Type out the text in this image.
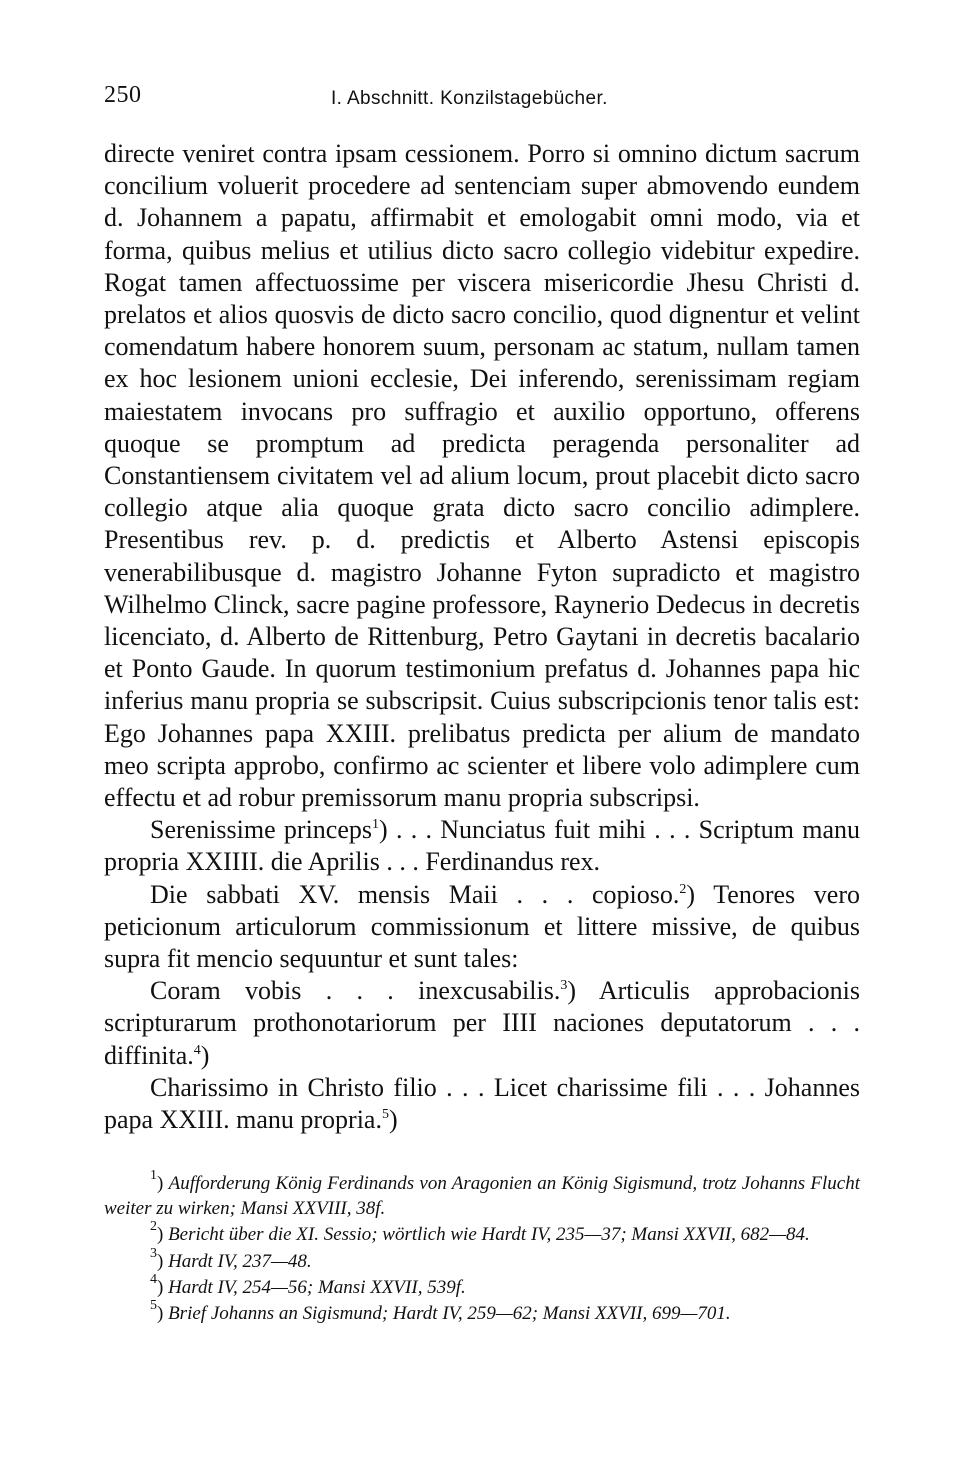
250	I. Abschnitt. Konzilstagebücher.

directe veniret contra ipsam cessionem. Porro si omnino dictum sacrum concilium voluerit procedere ad sentenciam super abmovendo eundem d. Johannem a papatu, affirmabit et emologabit omni modo, via et forma, quibus melius et utilius dicto sacro collegio videbitur expedire. Rogat tamen affectuossime per viscera misericordie Jhesu Christi d. prelatos et alios quosvis de dicto sacro concilio, quod dignentur et velint comendatum habere honorem suum, personam ac statum, nullam tamen ex hoc lesionem unioni ecclesie, Dei inferendo, serenissimam regiam maiestatem invocans pro suffragio et auxilio opportuno, offerens quoque se promptum ad predicta peragenda personaliter ad Constantiensem civitatem vel ad alium locum, prout placebit dicto sacro collegio atque alia quoque grata dicto sacro concilio adimplere. Presentibus rev. p. d. predictis et Alberto Astensi episcopis venerabilibusque d. magistro Johanne Fyton supradicto et magistro Wilhelmo Clinck, sacre pagine professore, Raynerio Dedecus in decretis licenciato, d. Alberto de Rittenburg, Petro Gaytani in decretis bacalario et Ponto Gaude. In quorum testimonium prefatus d. Johannes papa hic inferius manu propria se subscripsit. Cuius subscripcionis tenor talis est: Ego Johannes papa XXIII. prelibatus predicta per alium de mandato meo scripta approbo, confirmo ac scienter et libere volo adimplere cum effectu et ad robur premissorum manu propria subscripsi.

Serenissime princeps$^1$) . . . Nunciatus fuit mihi . . . Scriptum manu propria XXIIII. die Aprilis . . . Ferdinandus rex.

Die sabbati XV. mensis Maii . . . copioso.$^2$) Tenores vero peticionum articulorum commissionum et littere missive, de quibus supra fit mencio sequuntur et sunt tales:

Coram vobis . . . inexcusabilis.$^3$) Articulis approbacionis scripturarum prothonotariorum per IIII naciones deputatorum . . . diffinita.$^4$)

Charissimo in Christo filio . . . Licet charissime fili . . . Johannes papa XXIII. manu propria.$^5$)

$^1$) Aufforderung König Ferdinands von Aragonien an König Sigismund, trotz Johanns Flucht weiter zu wirken; Mansi XXVIII, 38f.

$^2$) Bericht über die XI. Sessio; wörtlich wie Hardt IV, 235—37; Mansi XXVII, 682—84.

$^3$) Hardt IV, 237—48.

$^4$) Hardt IV, 254—56; Mansi XXVII, 539f.

$^5$) Brief Johanns an Sigismund; Hardt IV, 259—62; Mansi XXVII, 699—701.
